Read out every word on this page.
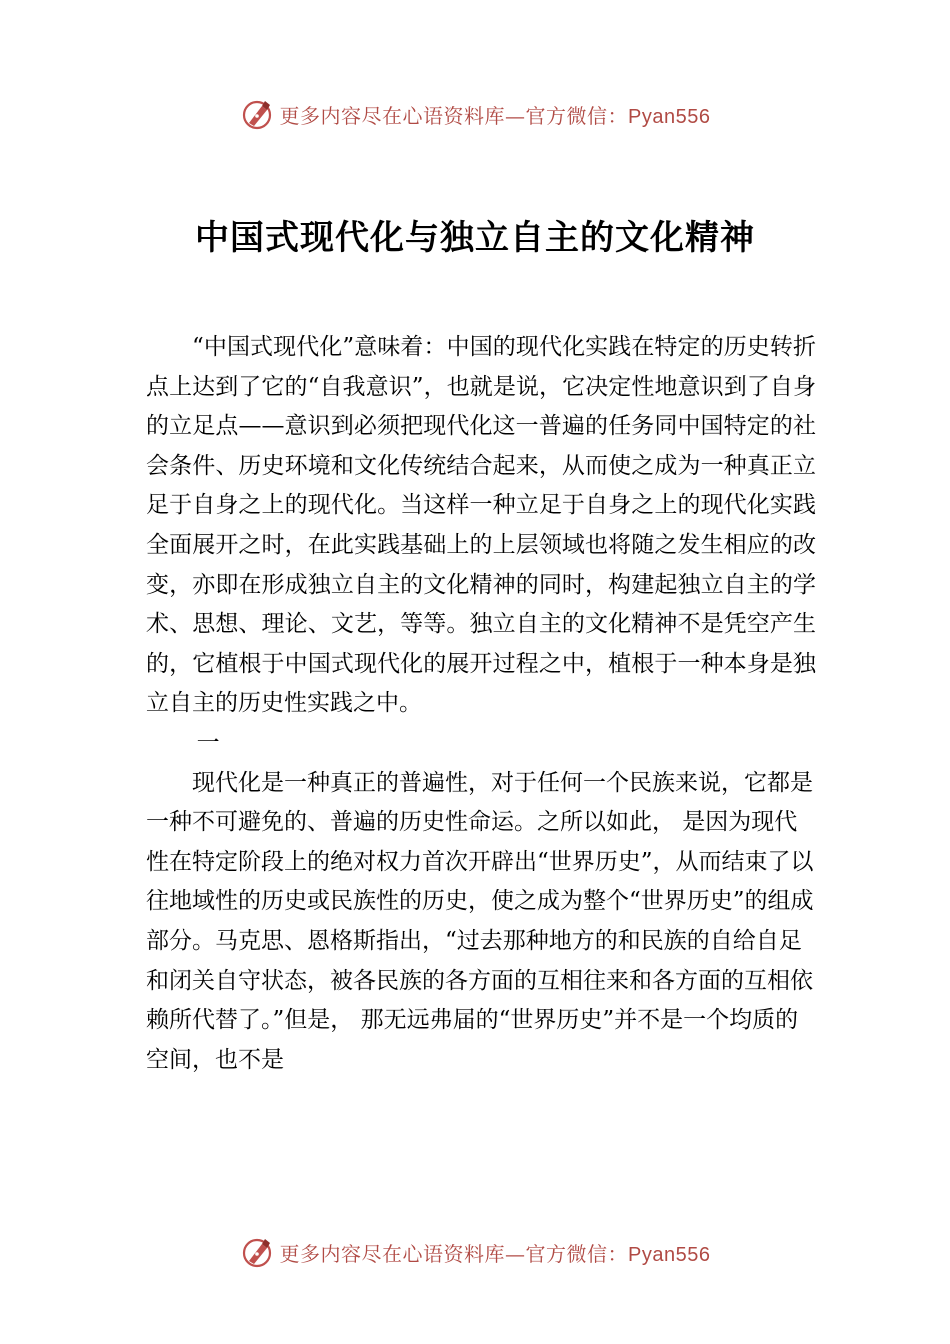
更多内容尽在心语资料库—官方微信：Pyan556
中国式现代化与独立自主的文化精神

“中国式现代化”意味着：中国的现代化实践在特定的历史转折点上达到了它的“自我意识”，也就是说，它决定性地意识到了自身的立足点——意识到必须把现代化这一普遍的任务同中国特定的社会条件、历史环境和文化传统结合起来，从而使之成为一种真正立足于自身之上的现代化。当这样一种立足于自身之上的现代化实践全面展开之时，在此实践基础上的上层领域也将随之发生相应的改变，亦即在形成独立自主的文化精神的同时，构建起独立自主的学术、思想、理论、文艺，等等。独立自主的文化精神不是凭空产生 的，它植根于中国式现代化的展开过程之中，植根于一种本身是独立自主的历史性实践之中。

一

现代化是一种真正的普遍性，对于任何一个民族来说，它都是一种不可避免的、普遍的历史性命运。之所以如此， 是因为现代性在特定阶段上的绝对权力首次开辟出“世界历史”，从而结束了以往地域性的历史或民族性的历史，使之成为整个“世界历史”的组成部分。马克思、恩格斯指出，“过去那种地方的和民族的自给自足和闭关自守状态，被各民族的各方面的互相往来和各方面的互相依赖所代替了。”但是， 那无远弗届的“世界历史”并不是一个均质的空间，也不是

更多内容尽在心语资料库—官方微信：Pyan556
